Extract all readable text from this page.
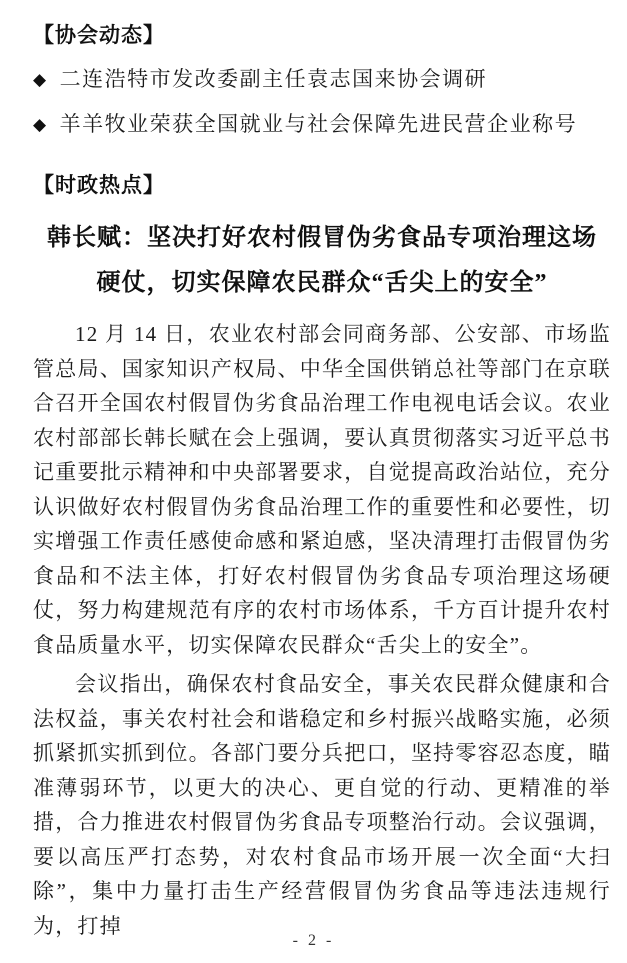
【协会动态】
◆ 二连浩特市发改委副主任袁志国来协会调研
◆ 羊羊牧业荣获全国就业与社会保障先进民营企业称号
【时政热点】
韩长赋：坚决打好农村假冒伪劣食品专项治理这场
硬仗，切实保障农民群众“舌尖上的安全”

12 月 14 日，农业农村部会同商务部、公安部、市场监管总局、国家知识产权局、中华全国供销总社等部门在京联合召开全国农村假冒伪劣食品治理工作电视电话会议。农业农村部部长韩长赋在会上强调，要认真贯彻落实习近平总书记重要批示精神和中央部署要求，自觉提高政治站位，充分认识做好农村假冒伪劣食品治理工作的重要性和必要性，切实增强工作责任感使命感和紧迫感，坚决清理打击假冒伪劣食品和不法主体，打好农村假冒伪劣食品专项治理这场硬仗，努力构建规范有序的农村市场体系，千方百计提升农村食品质量水平，切实保障农民群众“舌尖上的安全”。

会议指出，确保农村食品安全，事关农民群众健康和合法权益，事关农村社会和谐稳定和乡村振兴战略实施，必须抓紧抓实抓到位。各部门要分兵把口，坚持零容忍态度，瞄准薄弱环节，以更大的决心、更自觉的行动、更精准的举措，合力推进农村假冒伪劣食品专项整治行动。会议强调，要以高压严打态势，对农村食品市场开展一次全面“大扫除”，集中力量打击生产经营假冒伪劣食品等违法违规行为，打掉

- 2 -
